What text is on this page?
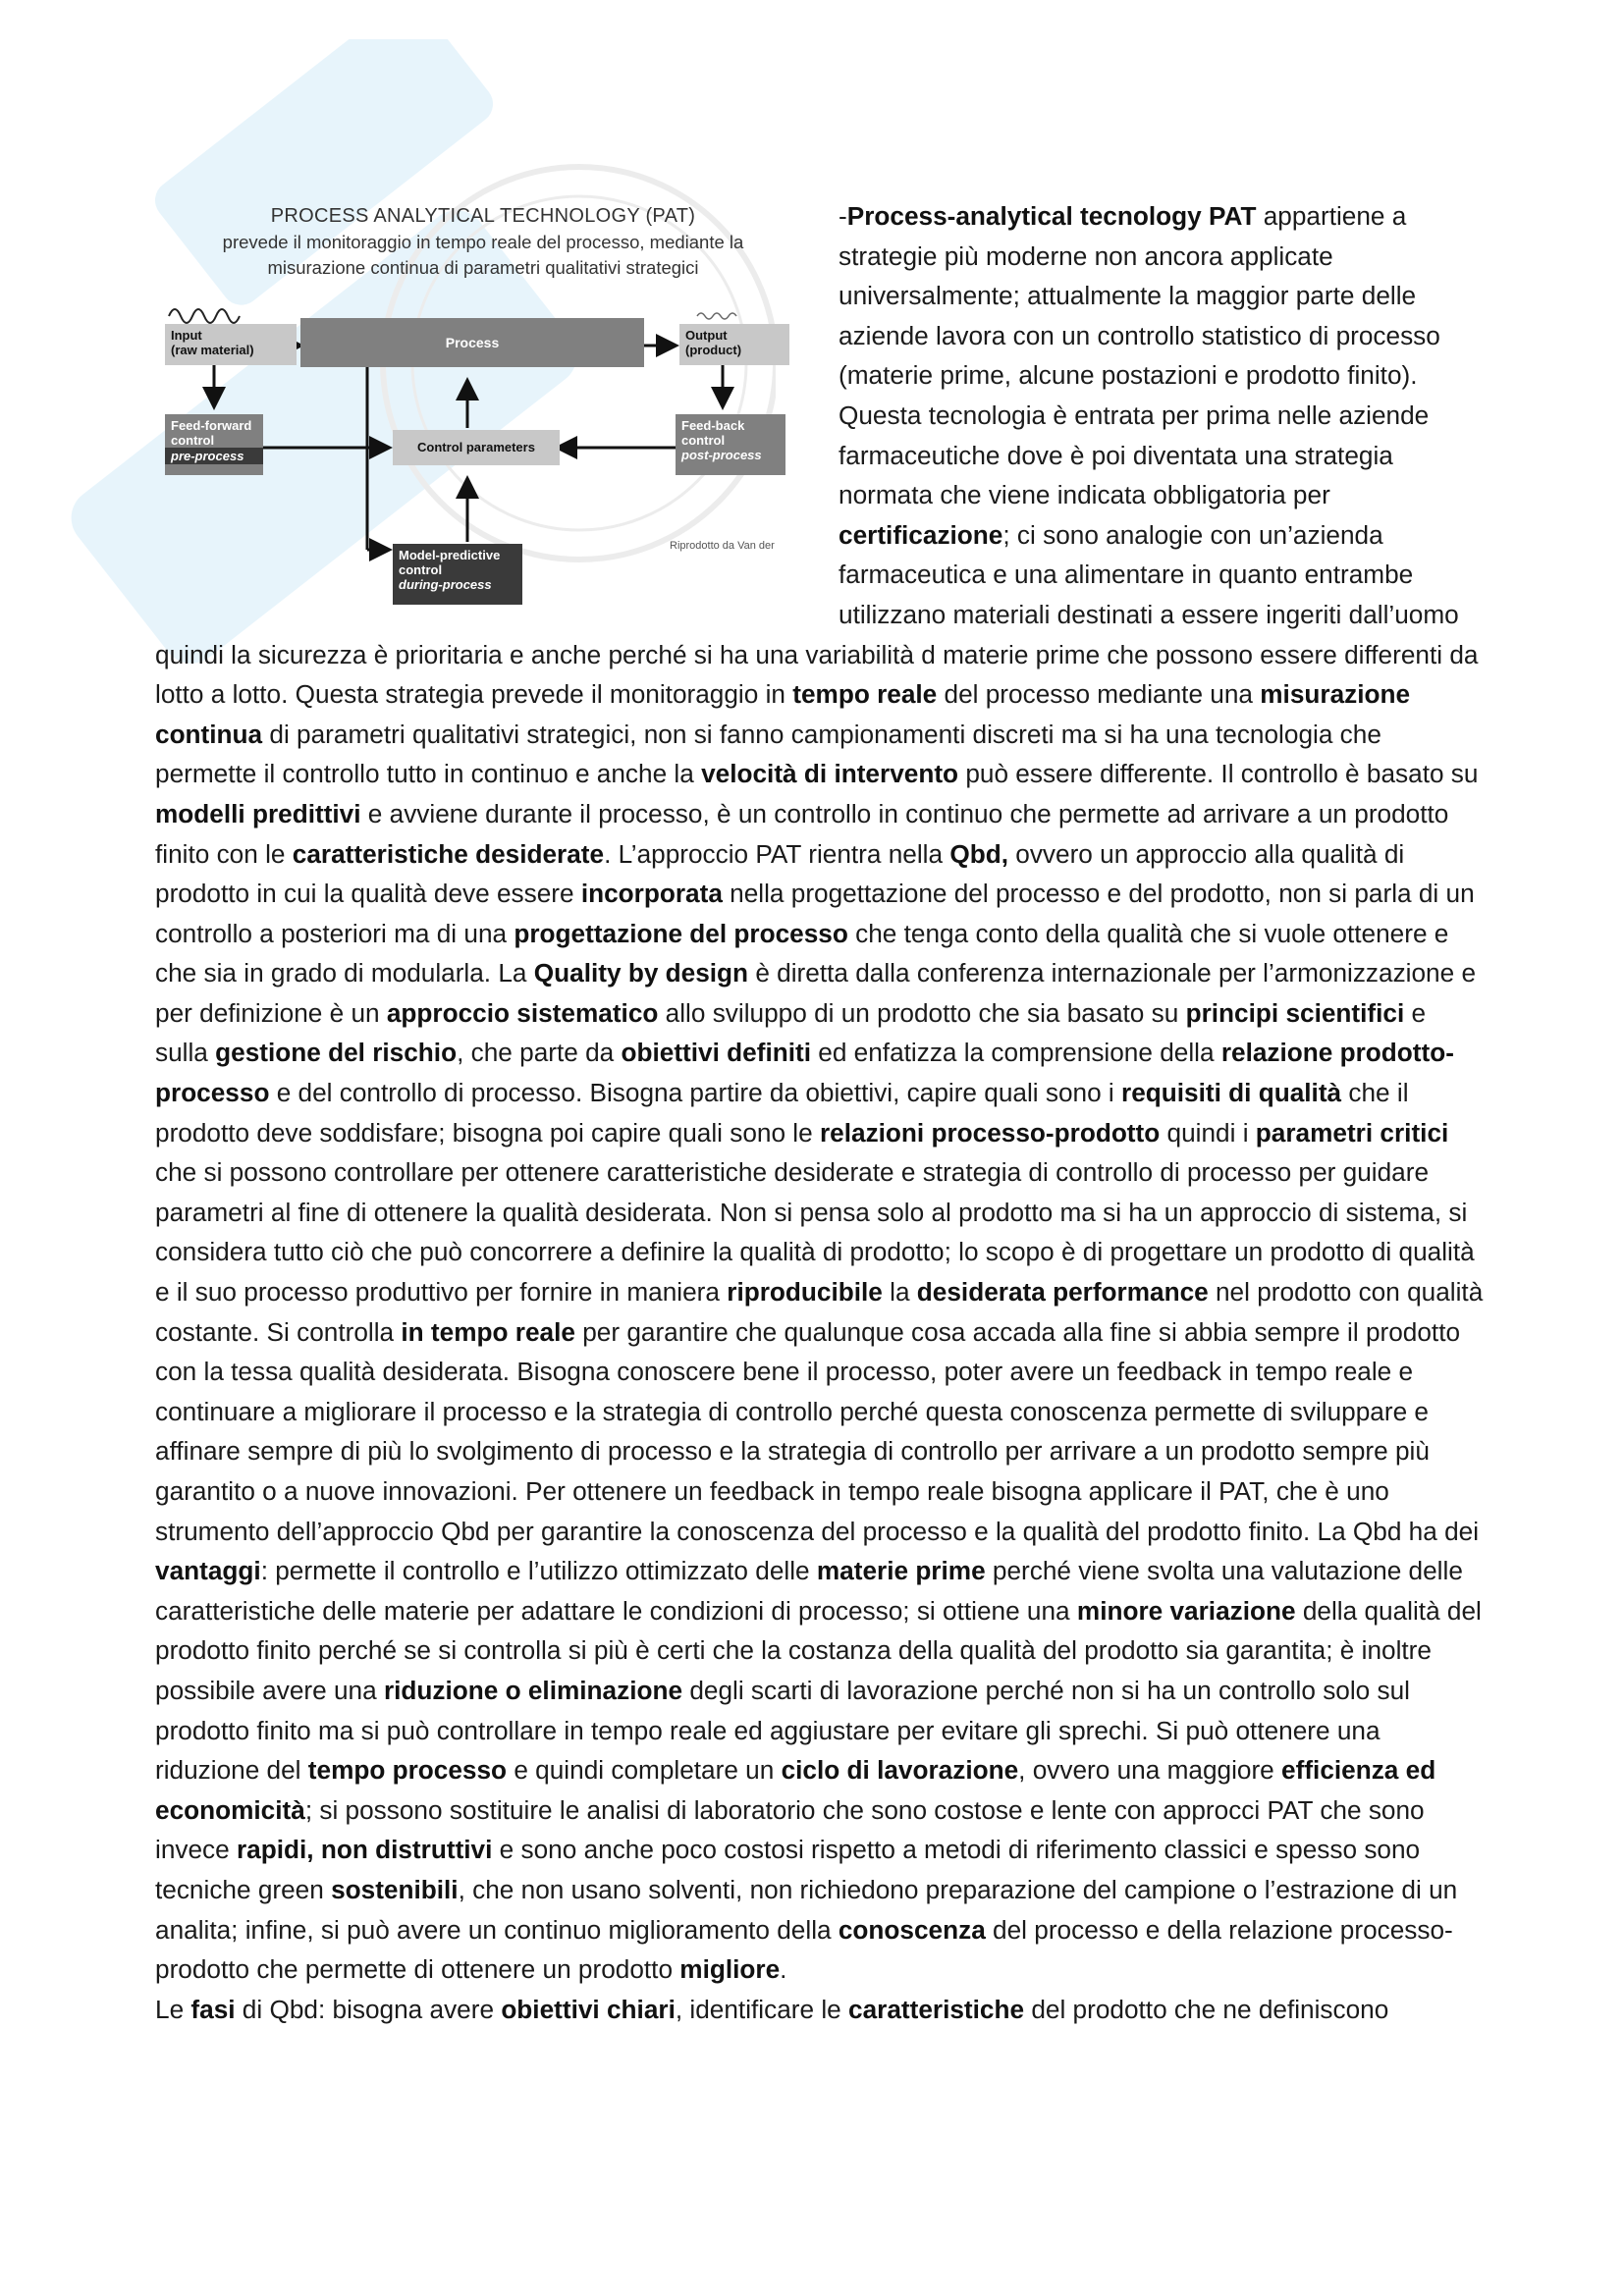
PROCESS ANALYTICAL TECHNOLOGY (PAT)
prevede il monitoraggio in tempo reale del processo, mediante la
misurazione continua di parametri qualitativi strategici
Input
(raw material)	Process	Output
(product)
Feed-forward
control
pre-process
Control parameters
Feed-back
control
post-process
Riprodotto da Van der
Model-predictive
control
during-process

-Process-analytical tecnology PAT appartiene a strategie più moderne non ancora applicate universalmente; attualmente la maggior parte delle aziende lavora con un controllo statistico di processo (materie prime, alcune postazioni e prodotto finito). Questa tecnologia è entrata per prima nelle aziende farmaceutiche dove è poi diventata una strategia normata che viene indicata obbligatoria per certificazione; ci sono analogie con un’azienda farmaceutica e una alimentare in quanto entrambe utilizzano materiali destinati a essere ingeriti dall’uomo quindi la sicurezza è prioritaria e anche perché si ha una variabilità d materie prime che possono essere differenti da lotto a lotto. Questa strategia prevede il monitoraggio in tempo reale del processo mediante una misurazione continua di parametri qualitativi strategici, non si fanno campionamenti discreti ma si ha una tecnologia che permette il controllo tutto in continuo e anche la velocità di intervento può essere differente. Il controllo è basato su modelli predittivi e avviene durante il processo, è un controllo in continuo che permette ad arrivare a un prodotto finito con le caratteristiche desiderate. L’approccio PAT rientra nella Qbd, ovvero un approccio alla qualità di prodotto in cui la qualità deve essere incorporata nella progettazione del processo e del prodotto, non si parla di un controllo a posteriori ma di una progettazione del processo che tenga conto della qualità che si vuole ottenere e che sia in grado di modularla. La Quality by design è diretta dalla conferenza internazionale per l’armonizzazione e per definizione è un approccio sistematico allo sviluppo di un prodotto che sia basato su principi scientifici e sulla gestione del rischio, che parte da obiettivi definiti ed enfatizza la comprensione della relazione prodotto-processo e del controllo di processo. Bisogna partire da obiettivi, capire quali sono i requisiti di qualità che il prodotto deve soddisfare; bisogna poi capire quali sono le relazioni processo-prodotto quindi i parametri critici che si possono controllare per ottenere caratteristiche desiderate e strategia di controllo di processo per guidare parametri al fine di ottenere la qualità desiderata. Non si pensa solo al prodotto ma si ha un approccio di sistema, si considera tutto ciò che può concorrere a definire la qualità di prodotto; lo scopo è di progettare un prodotto di qualità e il suo processo produttivo per fornire in maniera riproducibile la desiderata performance nel prodotto con qualità costante. Si controlla in tempo reale per garantire che qualunque cosa accada alla fine si abbia sempre il prodotto con la tessa qualità desiderata. Bisogna conoscere bene il processo, poter avere un feedback in tempo reale e continuare a migliorare il processo e la strategia di controllo perché questa conoscenza permette di sviluppare e affinare sempre di più lo svolgimento di processo e la strategia di controllo per arrivare a un prodotto sempre più garantito o a nuove innovazioni. Per ottenere un feedback in tempo reale bisogna applicare il PAT, che è uno strumento dell’approccio Qbd per garantire la conoscenza del processo e la qualità del prodotto finito. La Qbd ha dei vantaggi: permette il controllo e l’utilizzo ottimizzato delle materie prime perché viene svolta una valutazione delle caratteristiche delle materie per adattare le condizioni di processo; si ottiene una minore variazione della qualità del prodotto finito perché se si controlla si più è certi che la costanza della qualità del prodotto sia garantita; è inoltre possibile avere una riduzione o eliminazione degli scarti di lavorazione perché non si ha un controllo solo sul prodotto finito ma si può controllare in tempo reale ed aggiustare per evitare gli sprechi. Si può ottenere una riduzione del tempo processo e quindi completare un ciclo di lavorazione, ovvero una maggiore efficienza ed economicità; si possono sostituire le analisi di laboratorio che sono costose e lente con approcci PAT che sono invece rapidi, non distruttivi e sono anche poco costosi rispetto a metodi di riferimento classici e spesso sono tecniche green sostenibili, che non usano solventi, non richiedono preparazione del campione o l’estrazione di un analita; infine, si può avere un continuo miglioramento della conoscenza del processo e della relazione processo-prodotto che permette di ottenere un prodotto migliore.

Le fasi di Qbd: bisogna avere obiettivi chiari, identificare le caratteristiche del prodotto che ne definiscono
